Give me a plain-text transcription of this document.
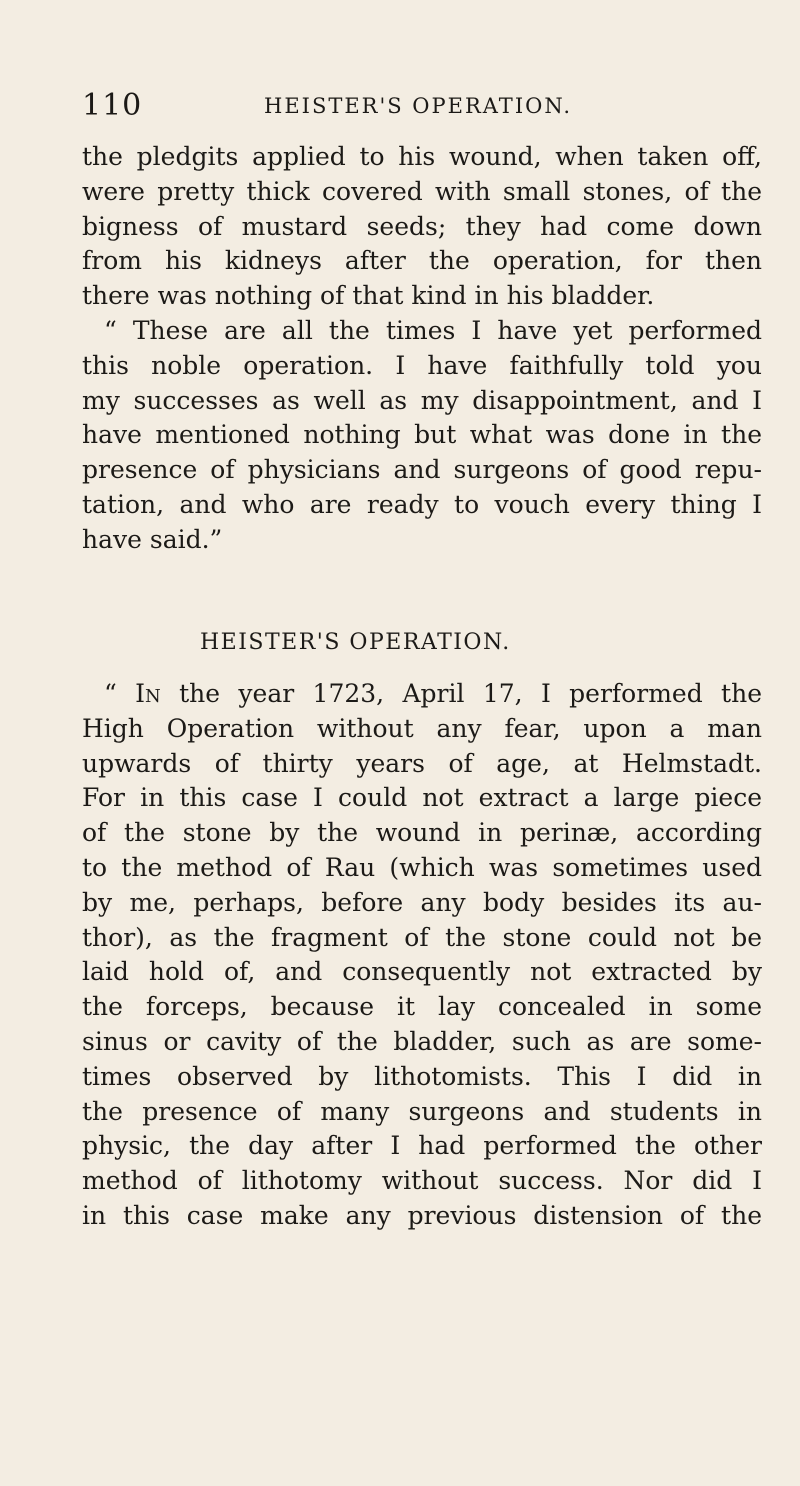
110	HEISTER'S OPERATION.
the pledgits applied to his wound, when taken off,
were pretty thick covered with small stones, of the
bigness of mustard seeds; they had come down
from his kidneys after the operation, for then
there was nothing of that kind in his bladder.
“ These are all the times I have yet performed
this noble operation. I have faithfully told you
my successes as well as my disappointment, and I
have mentioned nothing but what was done in the
presence of physicians and surgeons of good repu-
tation, and who are ready to vouch every thing I
have said.”
HEISTER'S OPERATION.
“ In the year 1723, April 17, I performed the
High Operation without any fear, upon a man
upwards of thirty years of age, at Helmstadt.
For in this case I could not extract a large piece
of the stone by the wound in perinæ, according
to the method of Rau (which was sometimes used
by me, perhaps, before any body besides its au-
thor), as the fragment of the stone could not be
laid hold of, and consequently not extracted by
the forceps, because it lay concealed in some
sinus or cavity of the bladder, such as are some-
times observed by lithotomists. This I did in
the presence of many surgeons and students in
physic, the day after I had performed the other
method of lithotomy without success. Nor did I
in this case make any previous distension of the
